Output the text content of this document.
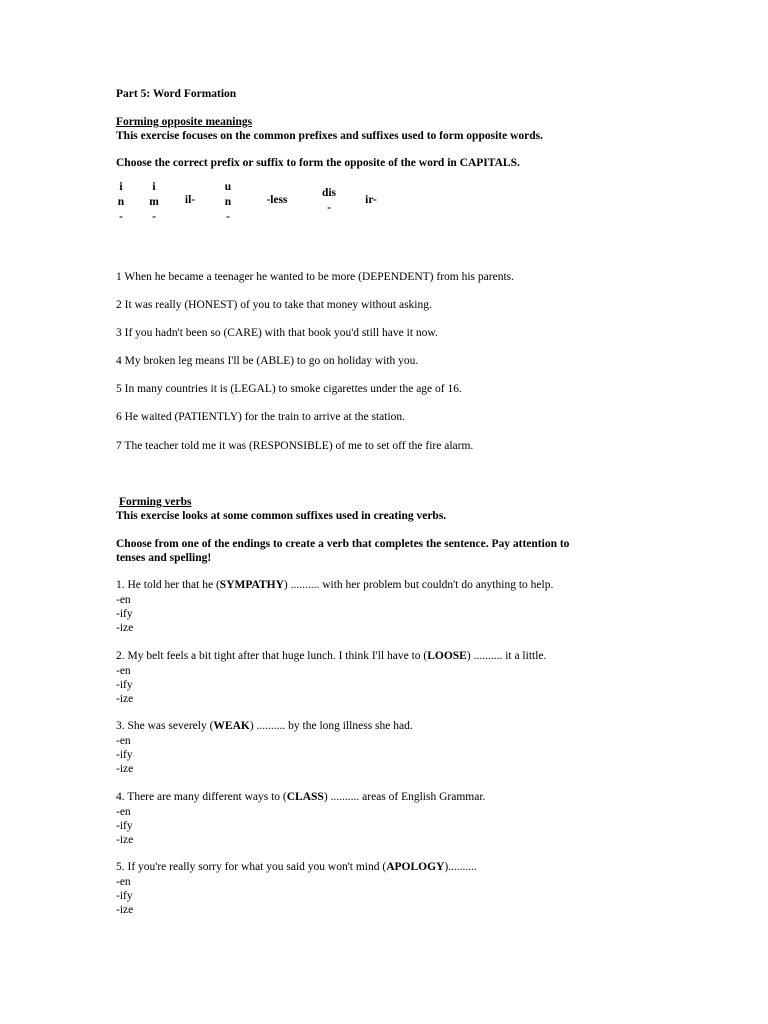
Part 5: Word Formation
Forming opposite meanings
This exercise focuses on the common prefixes and suffixes used to form opposite words.
Choose the correct prefix or suffix to form the opposite of the word in CAPITALS.
i
n
-
i
m
-
il-
u
n
-
-less
dis
-
ir-
1 When he became a teenager he wanted to be more (DEPENDENT) from his parents.
2 It was really (HONEST) of you to take that money without asking.
3 If you hadn't been so (CARE) with that book you'd still have it now.
4 My broken leg means I'll be (ABLE) to go on holiday with you.
5 In many countries it is (LEGAL) to smoke cigarettes under the age of 16.
6 He waited (PATIENTLY) for the train to arrive at the station.
7 The teacher told me it was (RESPONSIBLE) of me to set off the fire alarm.
Forming verbs
This exercise looks at some common suffixes used in creating verbs.
Choose from one of the endings to create a verb that completes the sentence. Pay attention to
tenses and spelling!
1. He told her that he (SYMPATHY) .......... with her problem but couldn't do anything to help.
-en
-ify
-ize
2. My belt feels a bit tight after that huge lunch. I think I'll have to (LOOSE) .......... it a little.
-en
-ify
-ize
3. She was severely (WEAK) .......... by the long illness she had.
-en
-ify
-ize
4. There are many different ways to (CLASS) .......... areas of English Grammar.
-en
-ify
-ize
5. If you're really sorry for what you said you won't mind (APOLOGY)..........
-en
-ify
-ize
